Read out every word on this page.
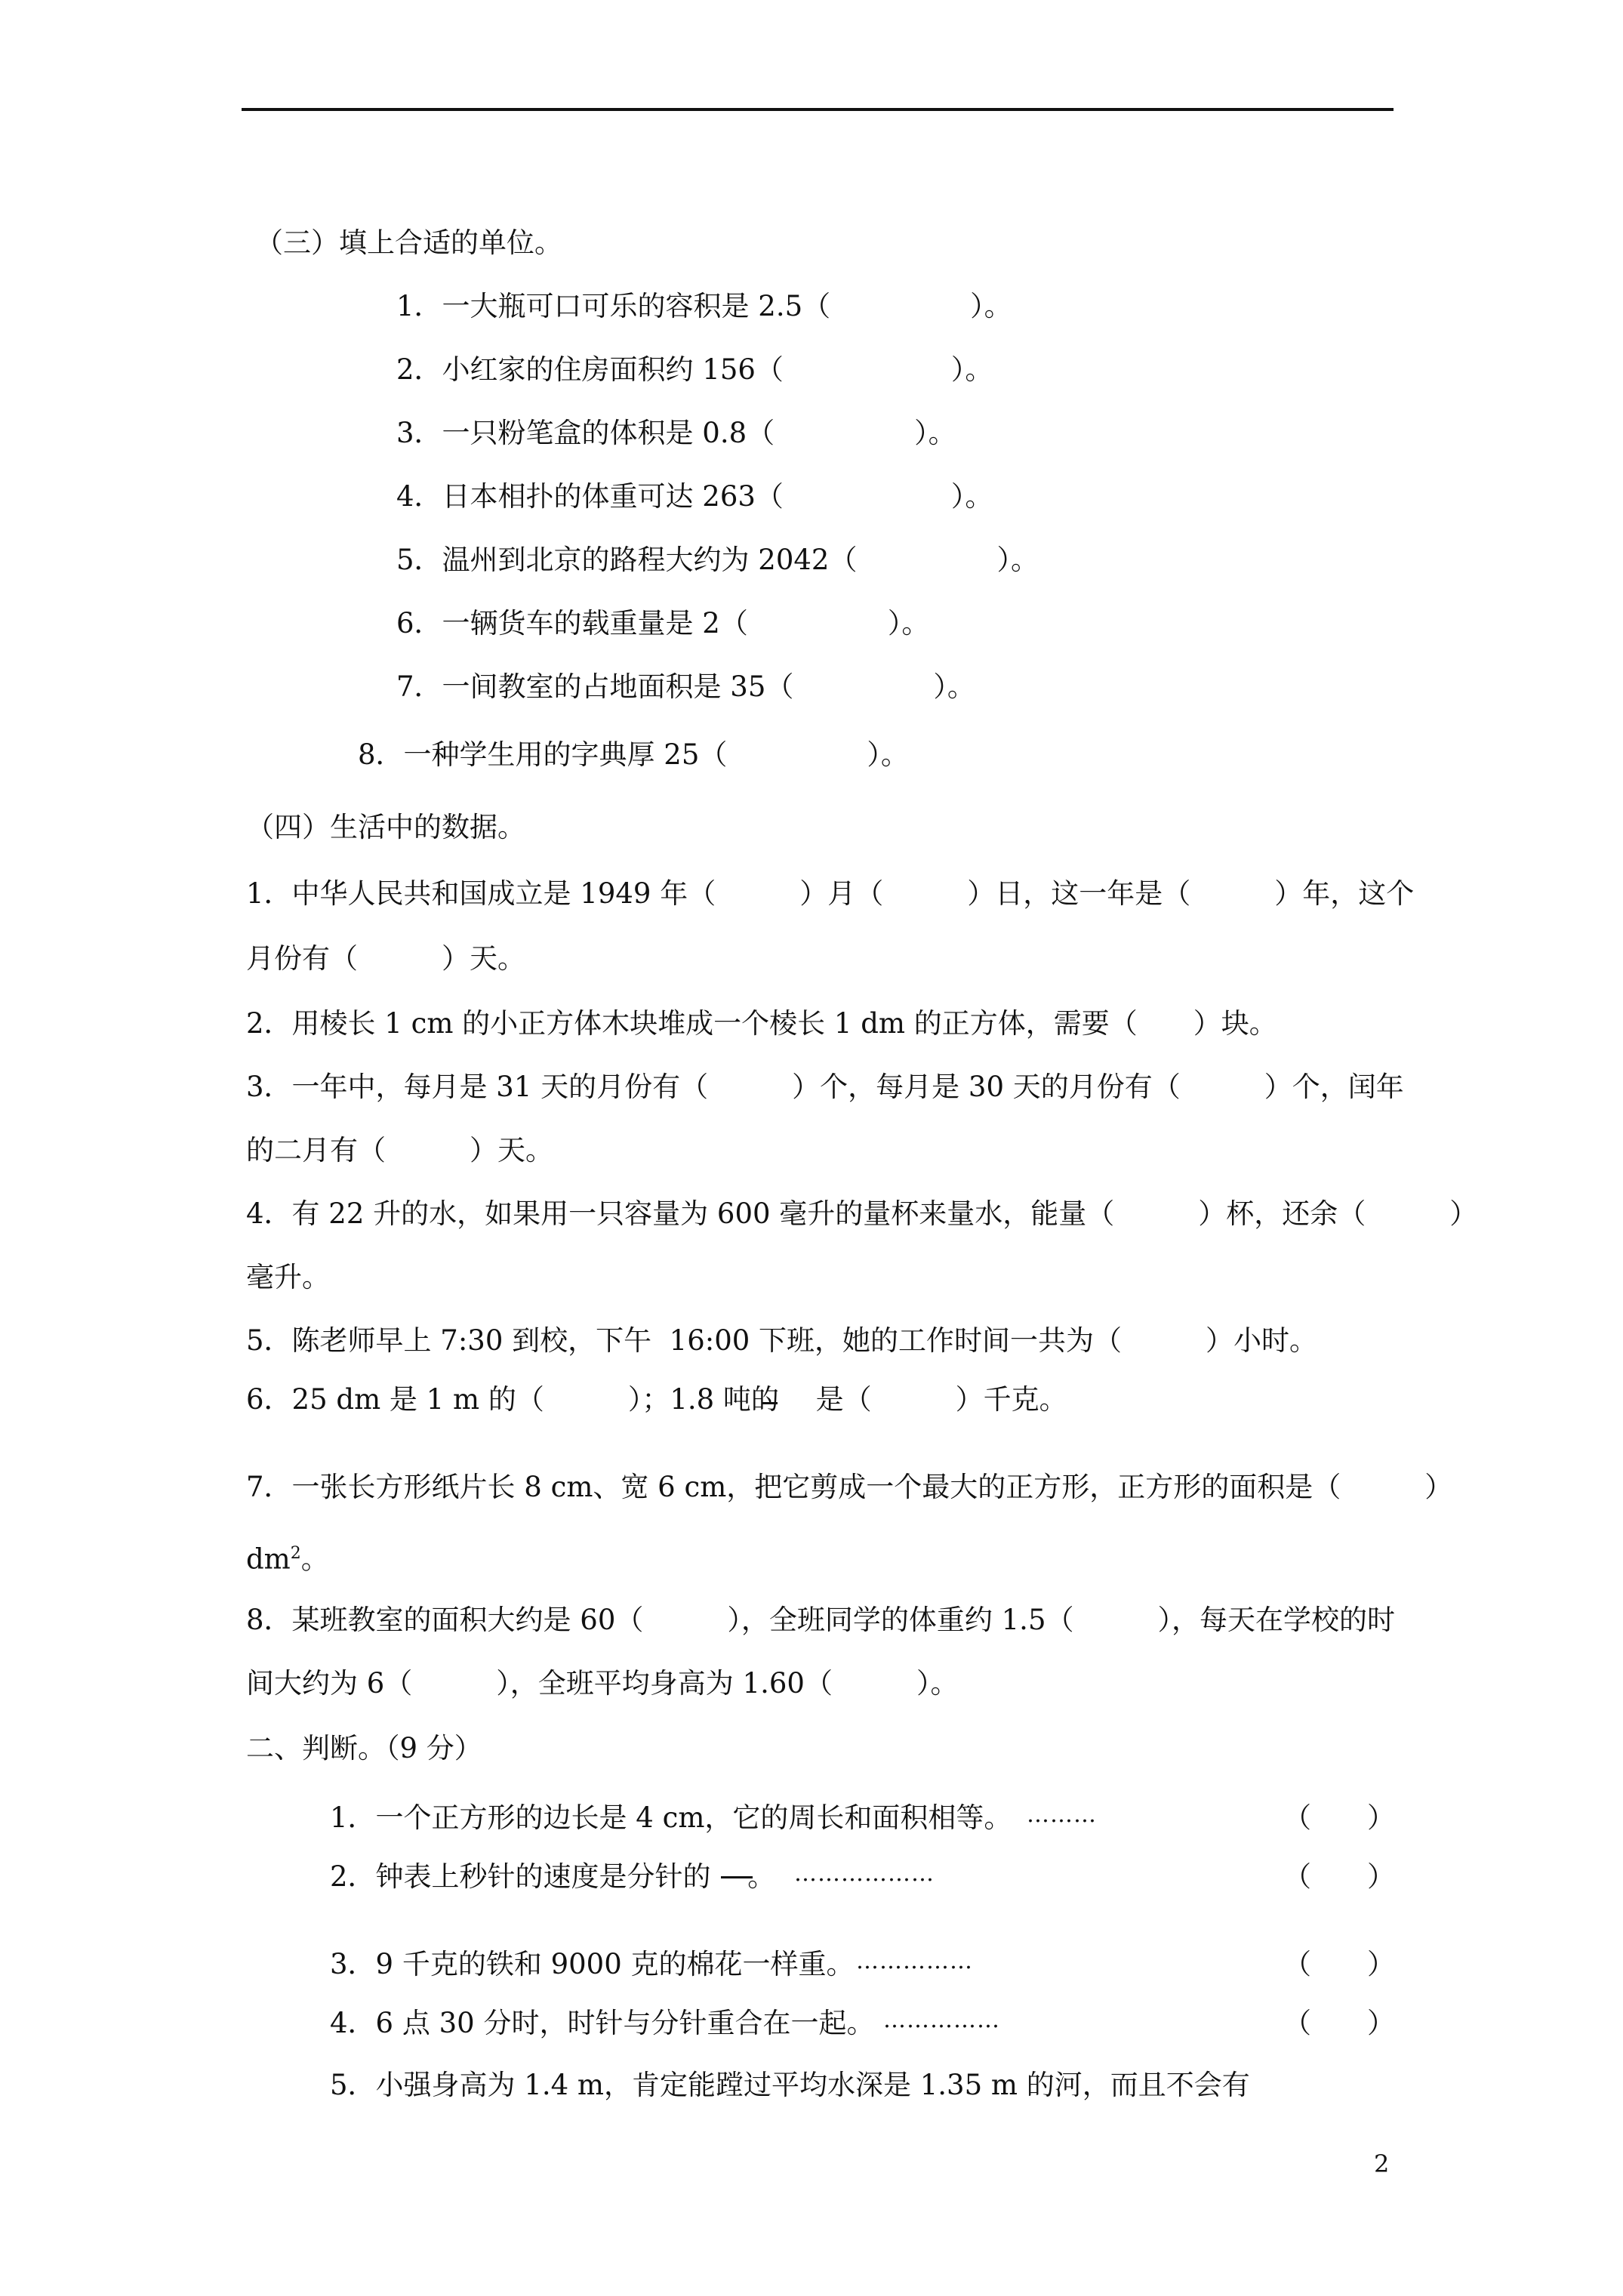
（三）填上合适的单位。
1．一大瓶可口可乐的容积是 2.5（　　　　　）。
2．小红家的住房面积约 156（　　　　　　）。
3．一只粉笔盒的体积是 0.8（　　　　　）。
4．日本相扑的体重可达 263（　　　　　　）。
5．温州到北京的路程大约为 2042（　　　　　）。
6．一辆货车的载重量是 2（　　　　　）。
7．一间教室的占地面积是 35（　　　　　）。
8．一种学生用的字典厚 25（　　　　　）。
（四）生活中的数据。
1．中华人民共和国成立是 1949 年（　　　）月（　　　）日，这一年是（　　　）年，这个
月份有（　　　）天。
2．用棱长 1 cm 的小正方体木块堆成一个棱长 1 dm 的正方体，需要（　　）块。
3．一年中，每月是 31 天的月份有（　　　）个，每月是 30 天的月份有（　　　）个，闰年
的二月有（　　　）天。
4．有 22 升的水，如果用一只容量为 600 毫升的量杯来量水，能量（　　　）杯，还余（　　　）
毫升。
5．陈老师早上 7:30 到校，下午  16:00 下班，她的工作时间一共为（　　　）小时。
6．25 dm 是 1 m 的（　　　）；1.8 吨的 　是（　　　）千克。
7．一张长方形纸片长 8 cm、宽 6 cm，把它剪成一个最大的正方形，正方形的面积是（　　　）
$dm^2$。
8．某班教室的面积大约是 60（　　　），全班同学的体重约 1.5（　　　），每天在学校的时
间大约为 6（　　　），全班平均身高为 1.60（　　　）。
二、判断。（9 分）
1．一个正方形的边长是 4 cm，它的周长和面积相等。 ………	（　　）
2．钟表上秒针的速度是分针的　 。 ………………	（　　）
3．9 千克的铁和 9000 克的棉花一样重。 ……………	（　　）
4．6 点 30 分时，时针与分针重合在一起。 ……………	（　　）
5．小强身高为 1.4 m，肯定能蹚过平均水深是 1.35 m 的河，而且不会有
2
